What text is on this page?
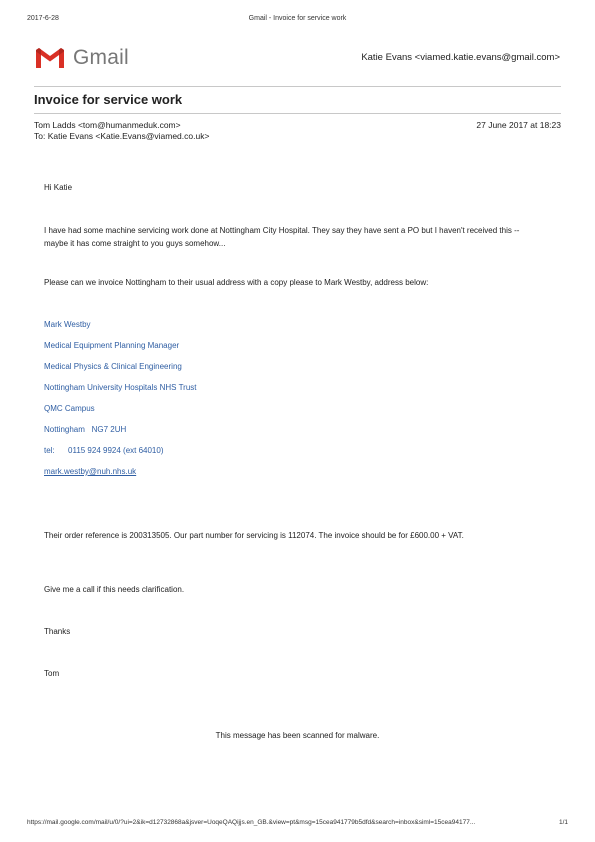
2017-6-28	Gmail - Invoice for service work
Gmail	Katie Evans <viamed.katie.evans@gmail.com>
Invoice for service work
Tom Ladds <tom@humanmeduk.com>
To: Katie Evans <Katie.Evans@viamed.co.uk>
27 June 2017 at 18:23
Hi Katie
I have had some machine servicing work done at Nottingham City Hospital. They say they have sent a PO but I haven't received this -- maybe it has come straight to you guys somehow...
Please can we invoice Nottingham to their usual address with a copy please to Mark Westby, address below:
Mark Westby
Medical Equipment Planning Manager
Medical Physics & Clinical Engineering
Nottingham University Hospitals NHS Trust
QMC Campus
Nottingham   NG7 2UH
tel:      0115 924 9924 (ext 64010)
mark.westby@nuh.nhs.uk
Their order reference is 200313505. Our part number for servicing is 112074. The invoice should be for £600.00 + VAT.
Give me a call if this needs clarification.
Thanks
Tom
This message has been scanned for malware.
https://mail.google.com/mail/u/0/?ui=2&ik=d12732868a&jsver=UoqeQAQijjs.en_GB.&view=pt&msg=15cea941779b5dfd&search=inbox&siml=15cea94177...	1/1
